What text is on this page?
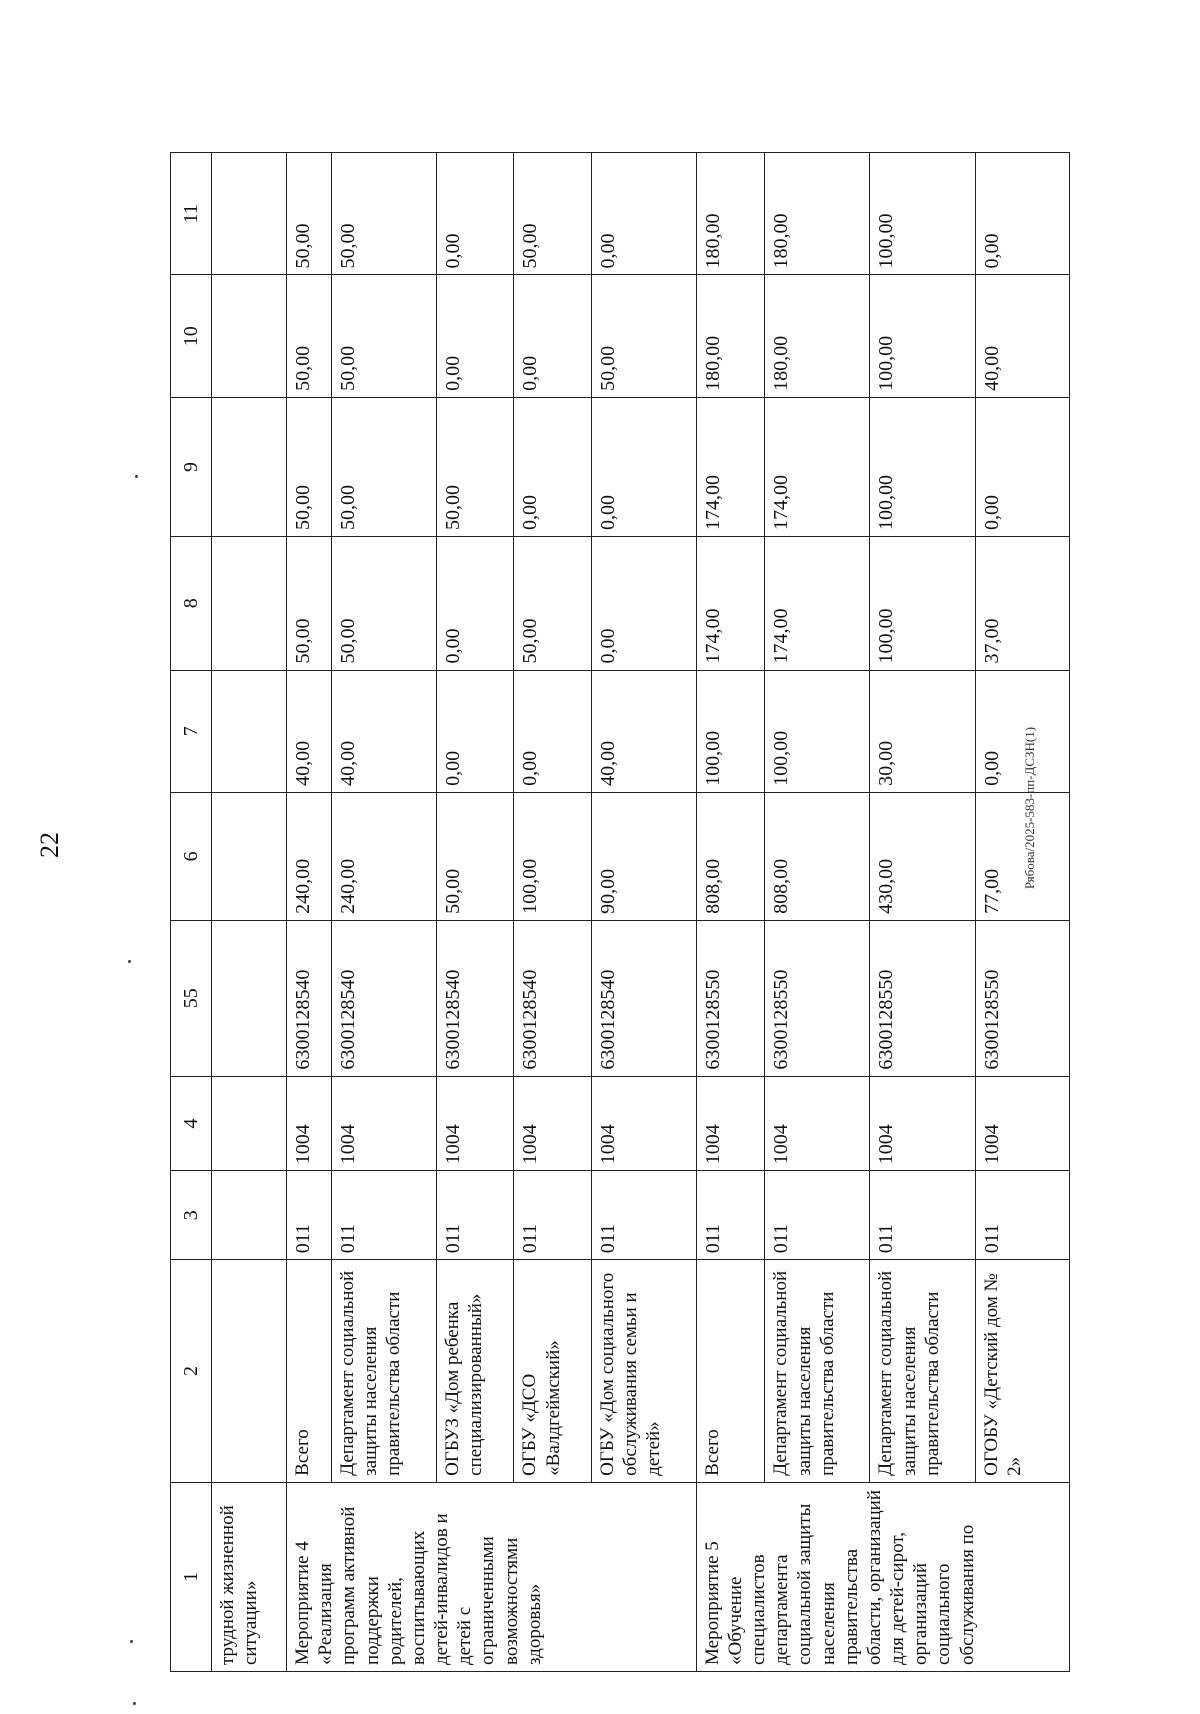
22	Рябова/2025-583-пп-ДСЗН(1)
1	2	3	4	55	6	7	8	9	10	11
трудной жизненной ситуации»										
Мероприятие 4 «Реализация программ активной поддержки родителей, воспитывающих детей-инвалидов и детей с ограниченными возможностями здоровья»	Всего	011	1004	6300128540	240,00	40,00	50,00	50,00	50,00	50,00
	Департамент социальной защиты населения правительства области	011	1004	6300128540	240,00	40,00	50,00	50,00	50,00	50,00
	ОГБУЗ «Дом ребенка специализированный»	011	1004	6300128540	50,00	0,00	0,00	50,00	0,00	0,00
	ОГБУ «ДСО «Валдгеймский»	011	1004	6300128540	100,00	0,00	50,00	0,00	0,00	50,00
	ОГБУ «Дом социального обслуживания семьи и детей»	011	1004	6300128540	90,00	40,00	0,00	0,00	50,00	0,00
Мероприятие 5 «Обучение специалистов департамента социальной защиты населения правительства области, организаций для детей-сирот, организаций социального обслуживания по	Всего	011	1004	6300128550	808,00	100,00	174,00	174,00	180,00	180,00
	Департамент социальной защиты населения правительства области	011	1004	6300128550	808,00	100,00	174,00	174,00	180,00	180,00
	Департамент социальной защиты населения правительства области	011	1004	6300128550	430,00	30,00	100,00	100,00	100,00	100,00
	ОГОБУ «Детский дом № 2»	011	1004	6300128550	77,00	0,00	37,00	0,00	40,00	0,00
